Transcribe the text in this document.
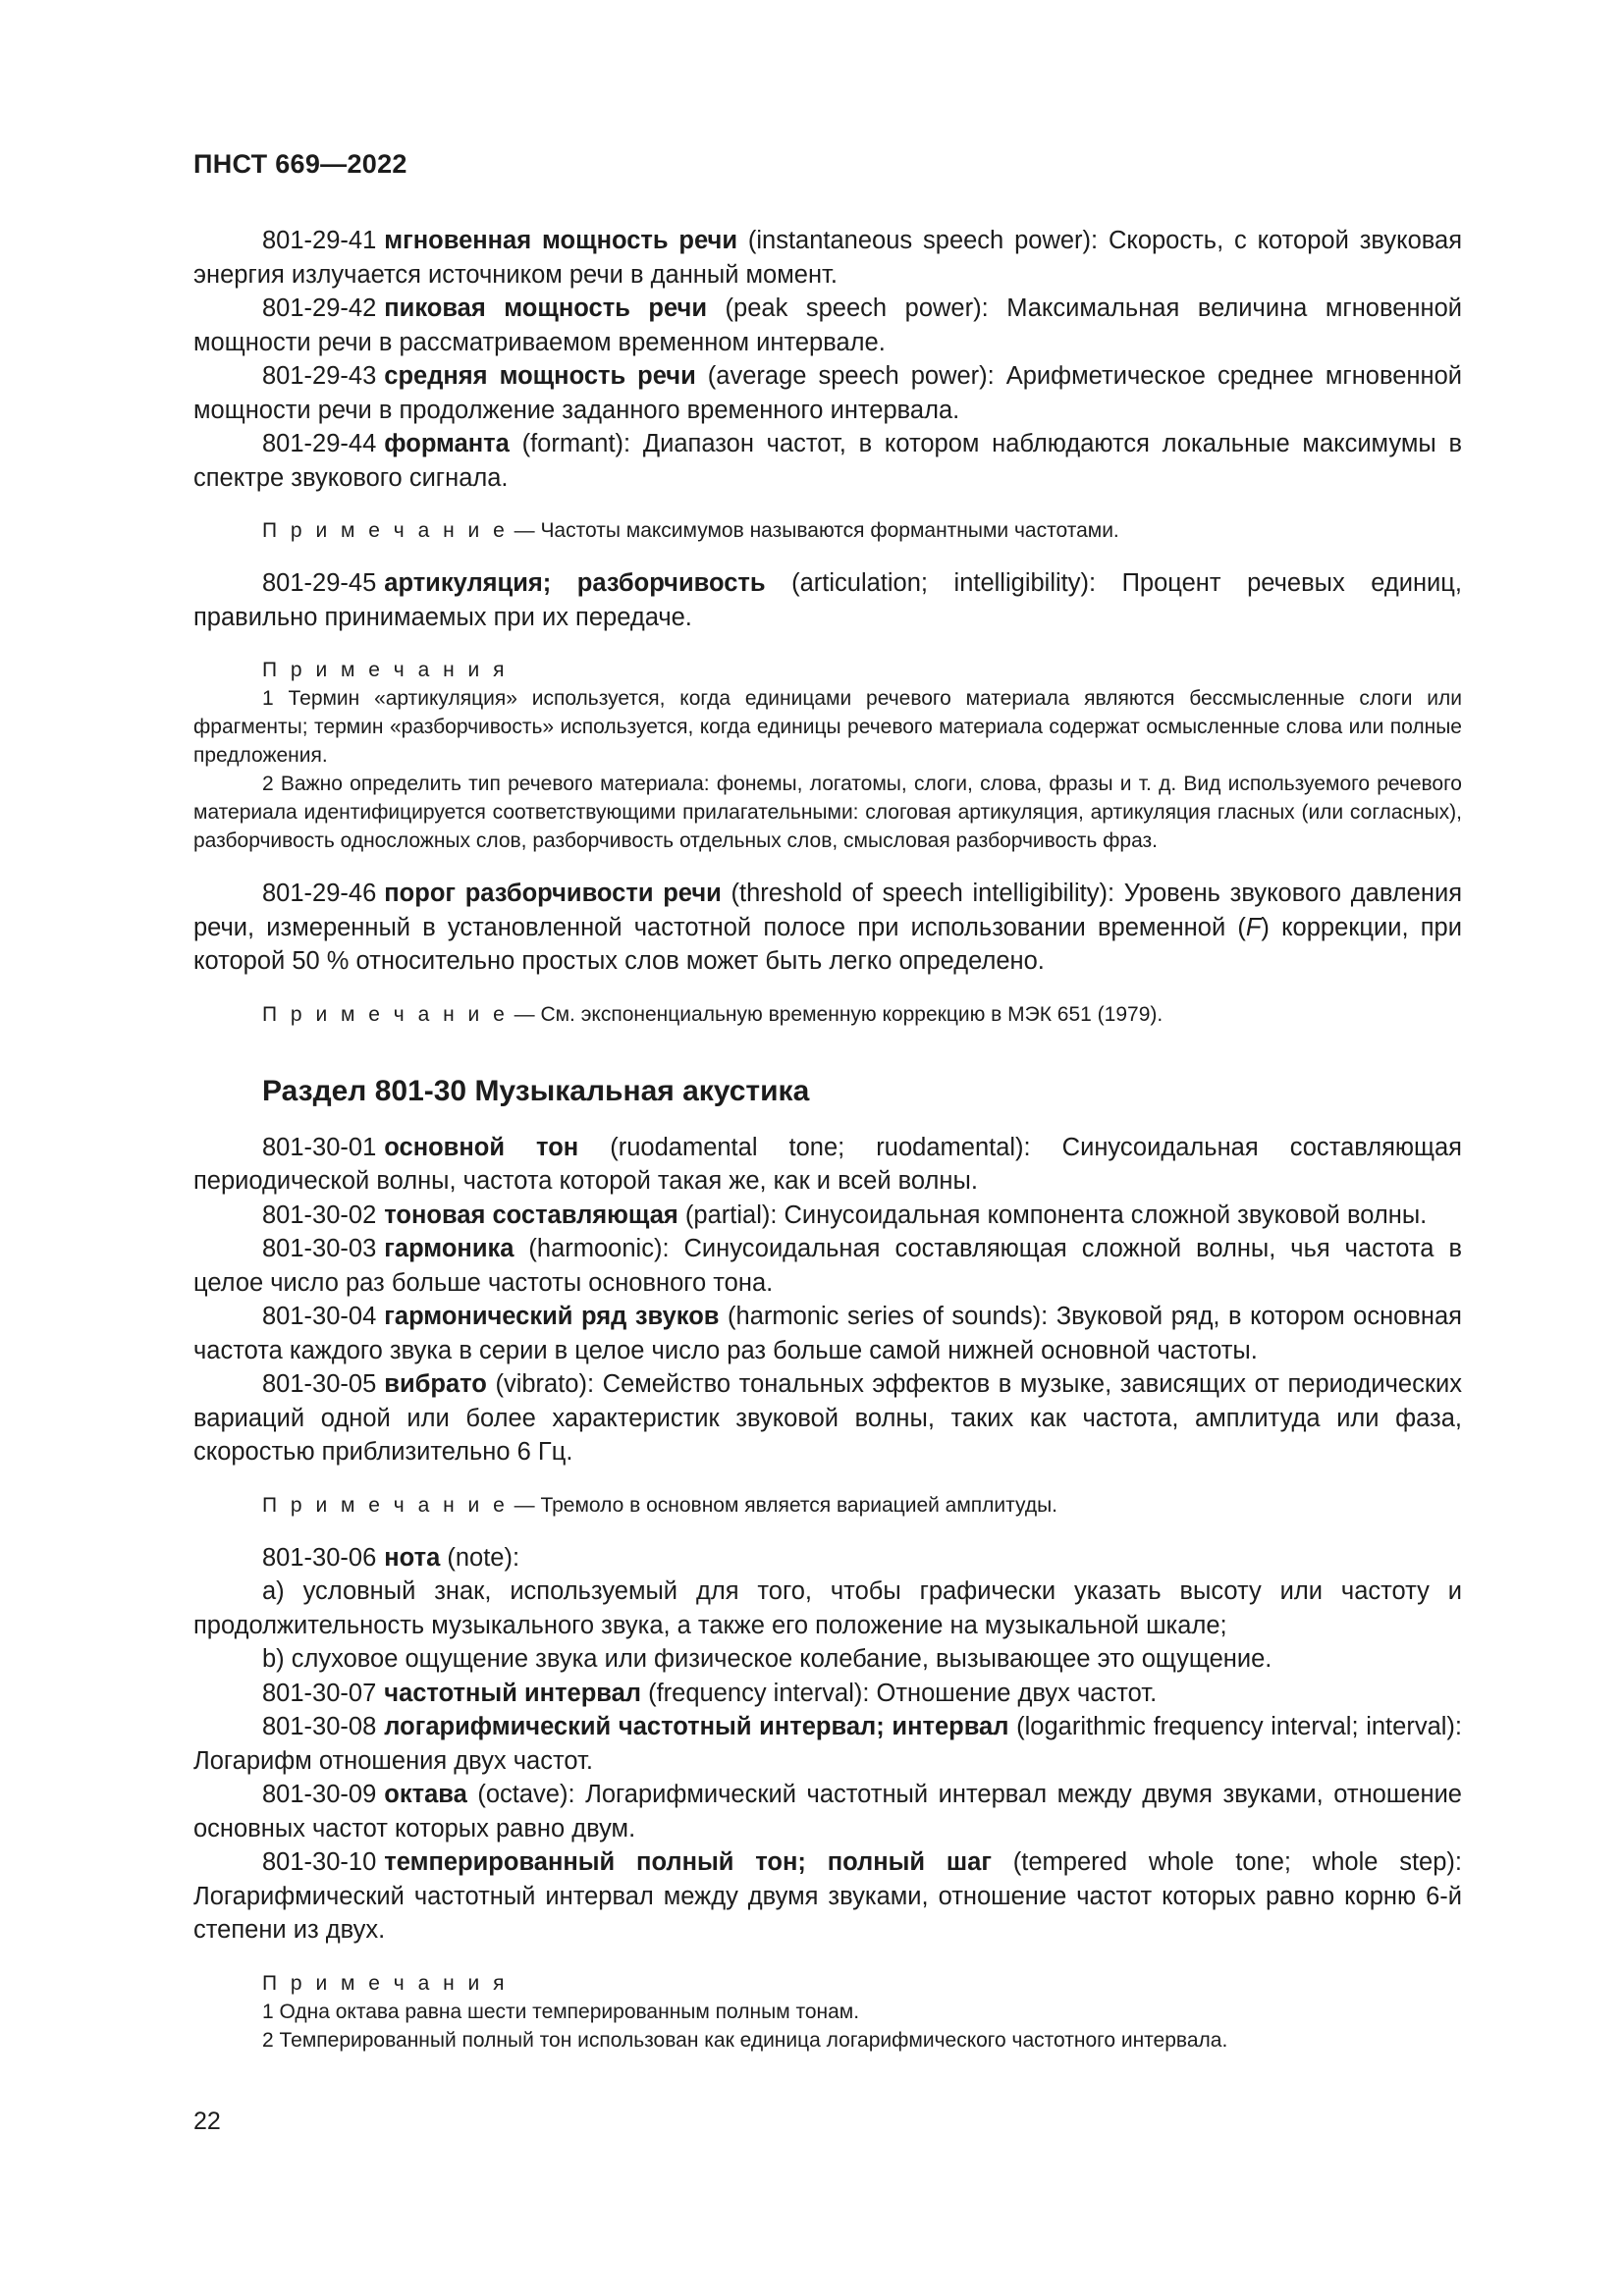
ПНСТ 669—2022

801-29-41 мгновенная мощность речи (instantaneous speech power): Скорость, с которой звуковая энергия излучается источником речи в данный момент.

801-29-42 пиковая мощность речи (peak speech power): Максимальная величина мгновенной мощности речи в рассматриваемом временном интервале.

801-29-43 средняя мощность речи (average speech power): Арифметическое среднее мгновенной мощности речи в продолжение заданного временного интервала.

801-29-44 форманта (formant): Диапазон частот, в котором наблюдаются локальные максимумы в спектре звукового сигнала.

П р и м е ч а н и е — Частоты максимумов называются формантными частотами.

801-29-45 артикуляция; разборчивость (articulation; intelligibility): Процент речевых единиц, правильно принимаемых при их передаче.

П р и м е ч а н и я

1 Термин «артикуляция» используется, когда единицами речевого материала являются бессмысленные слоги или фрагменты; термин «разборчивость» используется, когда единицы речевого материала содержат осмысленные слова или полные предложения.

2 Важно определить тип речевого материала: фонемы, логатомы, слоги, слова, фразы и т. д. Вид используемого речевого материала идентифицируется соответствующими прилагательными: слоговая артикуляция, артикуляция гласных (или согласных), разборчивость односложных слов, разборчивость отдельных слов, смысловая разборчивость фраз.

801-29-46 порог разборчивости речи (threshold of speech intelligibility): Уровень звукового давления речи, измеренный в установленной частотной полосе при использовании временной (F) коррекции, при которой 50 % относительно простых слов может быть легко определено.

П р и м е ч а н и е — См. экспоненциальную временную коррекцию в МЭК 651 (1979).

Раздел 801-30 Музыкальная акустика

801-30-01 основной тон (ruodamental tone; ruodamental): Синусоидальная составляющая периодической волны, частота которой такая же, как и всей волны.

801-30-02 тоновая составляющая (partial): Синусоидальная компонента сложной звуковой волны.

801-30-03 гармоника (harmoonic): Синусоидальная составляющая сложной волны, чья частота в целое число раз больше частоты основного тона.

801-30-04 гармонический ряд звуков (harmonic series of sounds): Звуковой ряд, в котором основная частота каждого звука в серии в целое число раз больше самой нижней основной частоты.

801-30-05 вибрато (vibrato): Семейство тональных эффектов в музыке, зависящих от периодических вариаций одной или более характеристик звуковой волны, таких как частота, амплитуда или фаза, скоростью приблизительно 6 Гц.

П р и м е ч а н и е — Тремоло в основном является вариацией амплитуды.

801-30-06 нота (note):

a) условный знак, используемый для того, чтобы графически указать высоту или частоту и продолжительность музыкального звука, а также его положение на музыкальной шкале;

b) слуховое ощущение звука или физическое колебание, вызывающее это ощущение.

801-30-07 частотный интервал (frequency interval): Отношение двух частот.

801-30-08 логарифмический частотный интервал; интервал (logarithmic frequency interval; interval): Логарифм отношения двух частот.

801-30-09 октава (octave): Логарифмический частотный интервал между двумя звуками, отношение основных частот которых равно двум.

801-30-10 темперированный полный тон; полный шаг (tempered whole tone; whole step): Логарифмический частотный интервал между двумя звуками, отношение частот которых равно корню 6-й степени из двух.

П р и м е ч а н и я

1 Одна октава равна шести темперированным полным тонам.

2 Темперированный полный тон использован как единица логарифмического частотного интервала.

22
